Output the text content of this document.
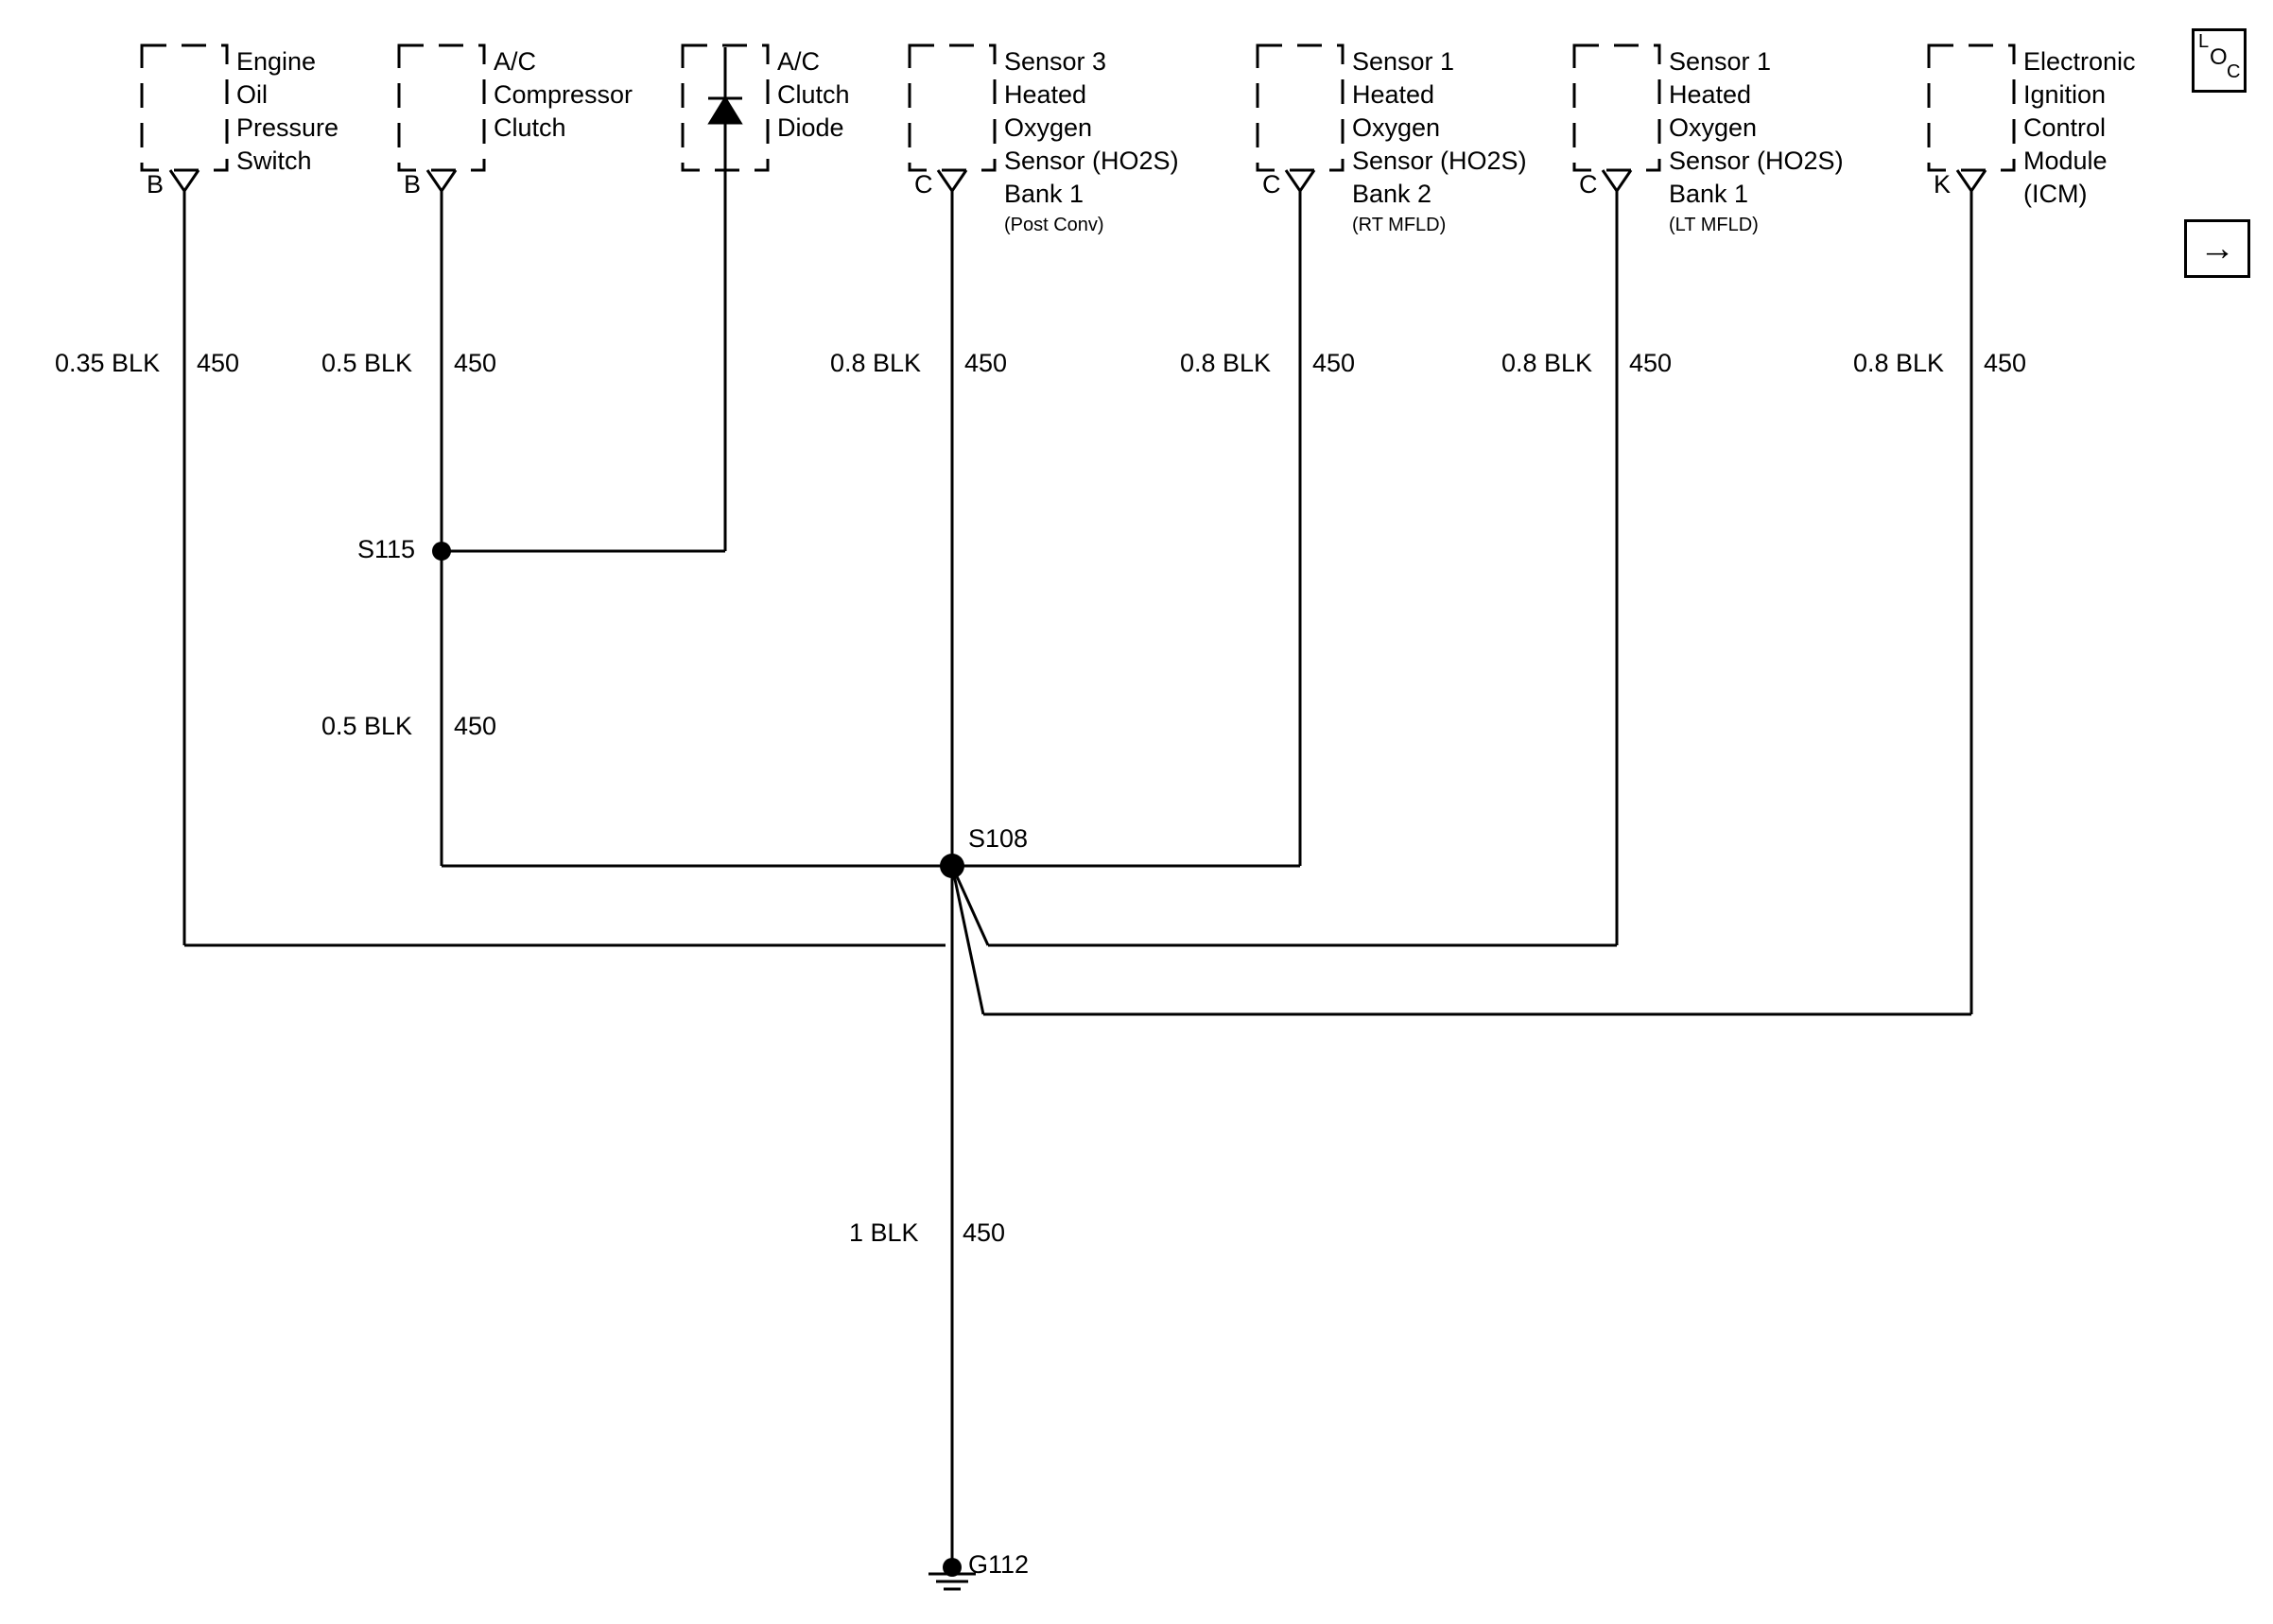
Engine
Oil
Pressure
Switch
B
A/C
Compressor
Clutch
B
A/C
Clutch
Diode
Sensor 3
Heated
Oxygen
Sensor (HO2S)
Bank 1
(Post Conv)
C
Sensor 1
Heated
Oxygen
Sensor (HO2S)
Bank 2
(RT MFLD)
C
Sensor 1
Heated
Oxygen
Sensor (HO2S)
Bank 1
(LT MFLD)
C
Electronic
Ignition
Control
Module
(ICM)
K
0.35 BLK 450	0.5 BLK 450	0.8 BLK 450	0.8 BLK 450	0.8 BLK 450	0.8 BLK 450
0.5 BLK 450
1 BLK 450
S115
S108
G112
L
O
C
→
